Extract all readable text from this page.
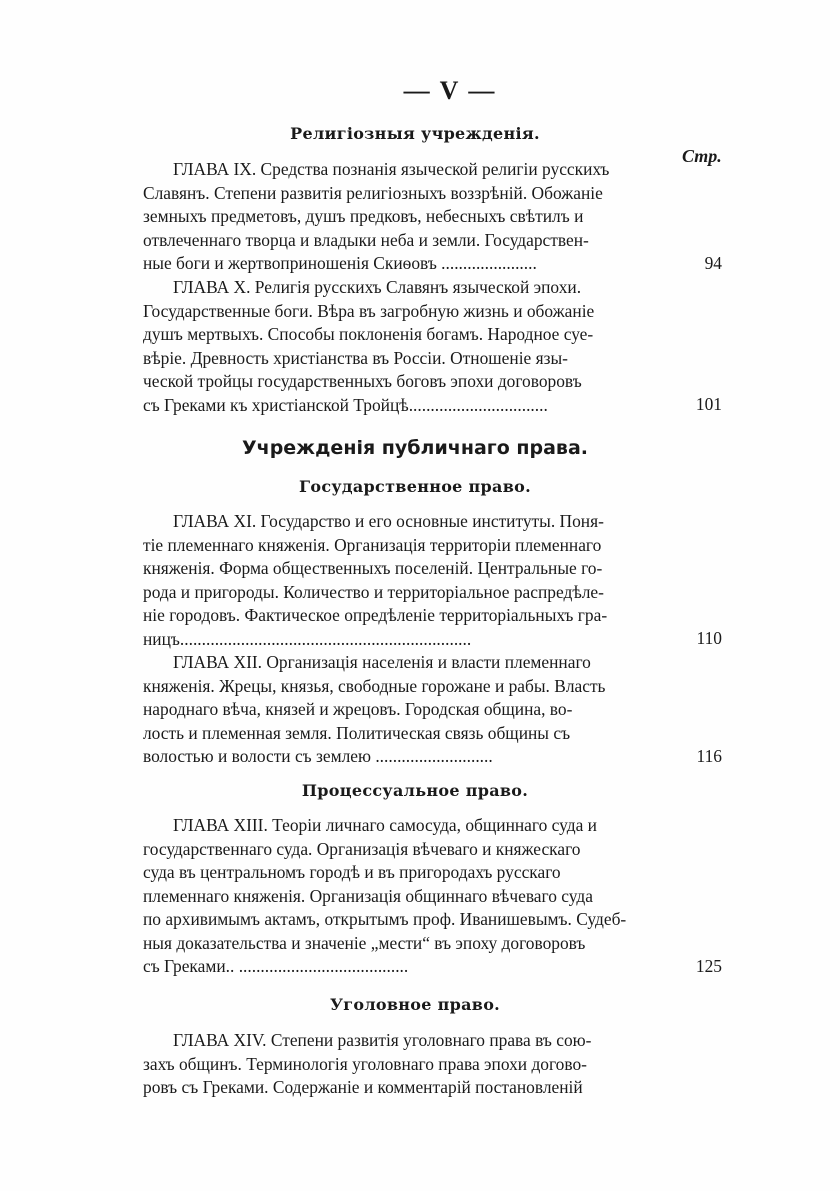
— V —
Стр.
Религiозныя учрежденiя.
ГЛАВА IX. Средства познанiя языческой религiи русскихъ
Славянъ. Степени развитiя религiозныхъ воззрѣнiй. Обожанiе
земныхъ предметовъ, душъ предковъ, небесныхъ свѣтилъ и
отвлеченнаго творца и владыки неба и земли. Государствен-
ные боги и жертвоприношенiя Скиѳовъ ......................	94
ГЛАВА X. Религiя русскихъ Славянъ языческой эпохи.
Государственные боги. Вѣра въ загробную жизнь и обожанiе
душъ мертвыхъ. Способы поклоненiя богамъ. Народное суе-
вѣрiе. Древность христiанства въ Россiи. Отношенiе язы-
ческой тройцы государственныхъ боговъ эпохи договоровъ
съ Греками къ христiанской Тройцѣ................................	101
Учрежденiя публичнаго права.
Государственное право.
ГЛАВА XI. Государство и его основные институты. Поня-
тiе племеннаго княженiя. Организацiя территорiи племеннаго
княженiя. Форма общественныхъ поселенiй. Центральные го-
рода и пригороды. Количество и территорiальное распредѣле-
нiе городовъ. Фактическое опредѣленiе территорiальныхъ гра-
ницъ...................................................................	110
ГЛАВА XII. Организацiя населенiя и власти племеннаго
княженiя. Жрецы, князья, свободные горожане и рабы. Власть
народнаго вѣча, князей и жрецовъ. Городская община, во-
лость и племенная земля. Политическая связь общины съ
волостью и волости съ землею ...........................	116
Процессуальное право.
ГЛАВА XIII. Теорiи личнаго самосуда, общиннаго суда и
государственнаго суда. Организацiя вѣчеваго и княжескаго
суда въ центральномъ городѣ и въ пригородахъ русскаго
племеннаго княженiя. Организацiя общиннаго вѣчеваго суда
по архивимымъ актамъ, открытымъ проф. Иванишевымъ. Судеб-
ныя доказательства и значенiе „мести“ въ эпоху договоровъ
съ Греками.. .......................................	125
Уголовное право.
ГЛАВА XIV. Степени развитiя уголовнаго права въ сою-
захъ общинъ. Терминологiя уголовнаго права эпохи догово-
ровъ съ Греками. Содержанiе и комментарiй постановленiй
